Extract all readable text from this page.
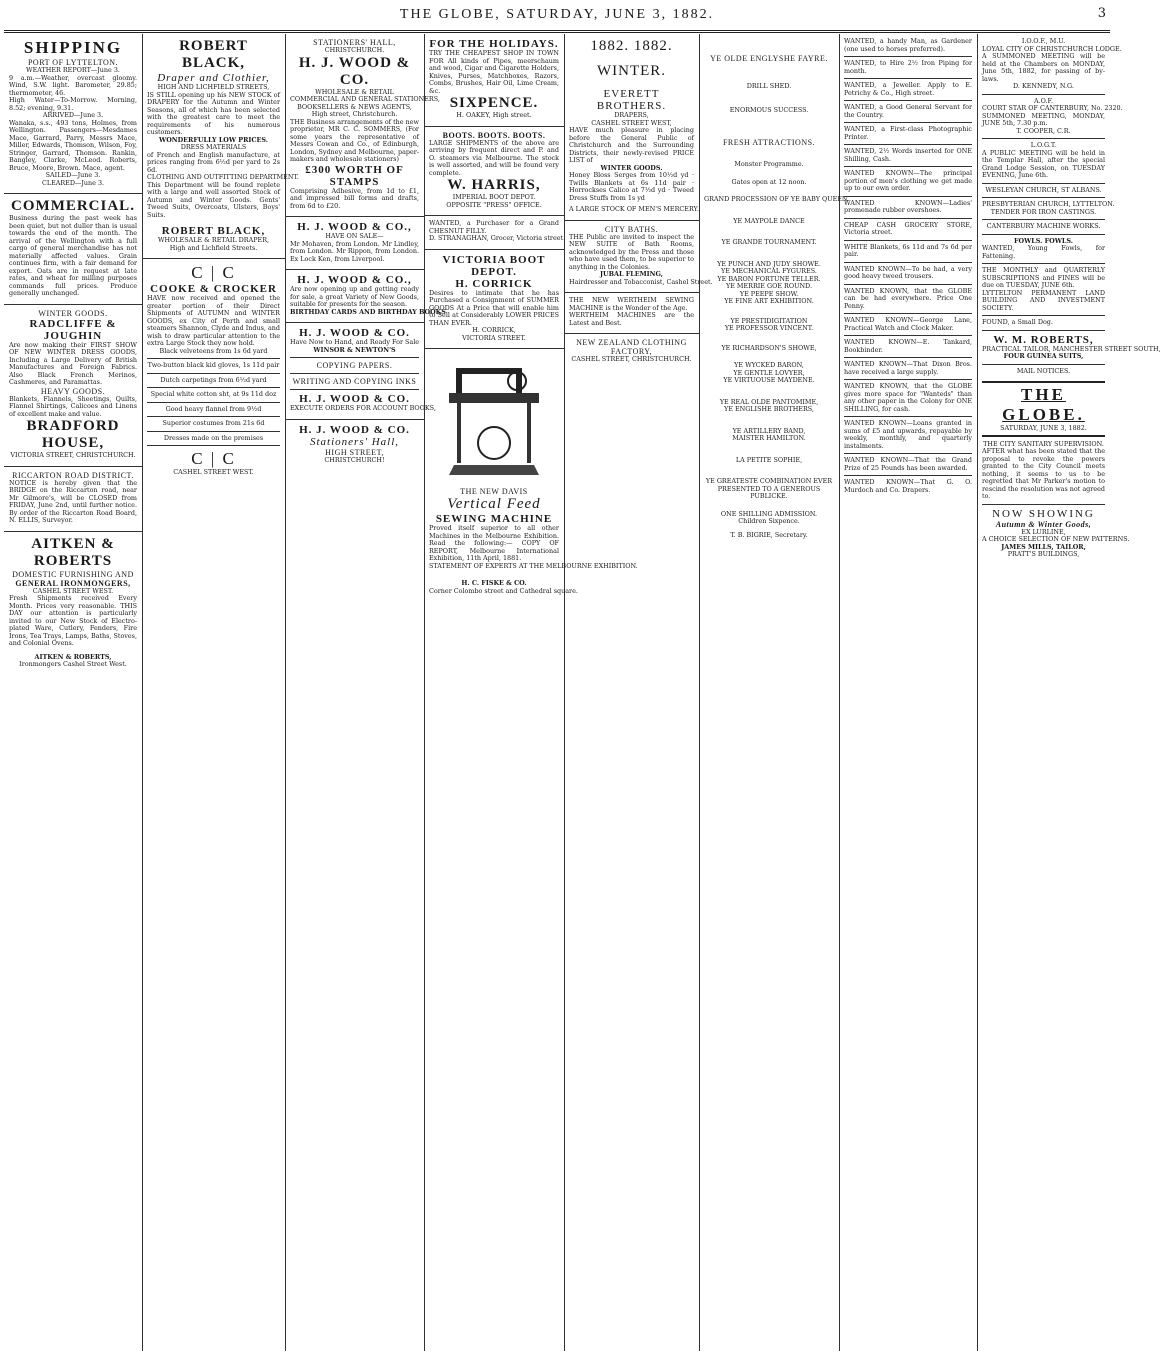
THE GLOBE, SATURDAY, JUNE 3, 1882.	3
SHIPPING
PORT OF LYTTELTON.
WEATHER REPORT—June 3.
9 a.m.—Weather, overcast gloomy. Wind, S.W. light. Barometer, 29.85; thermometer, 46.
High Water—To-Morrow. Morning, 8.52; evening, 9.31.
ARRIVED—June 3.
Wanaka, s.s., 493 tons, Holmes, from Wellington. Passengers—Mesdames Mace, Garrard, Parry, Messrs Mace, Miller, Edwards, Thomson, Wilson, Foy, Stringer, Garrard, Thomson. Rankin, Bangley, Clarke, McLeod. Roberts, Bruce, Moore, Brown. Mace, agent.
SAILED—June 3.
CLEARED—June 3.
COMMERCIAL.
Business during the past week has been quiet, but not duller than is usual towards the end of the month. The arrival of the Wellington with a full cargo of general merchandise has not materially affected values. Grain continues firm, with a fair demand for export. Oats are in request at late rates, and wheat for milling purposes commands full prices. Produce generally unchanged.
WINTER GOODS.
RADCLIFFE & JOUGHIN
Are now making their FIRST SHOW OF NEW WINTER DRESS GOODS, Including a Large Delivery of British Manufactures and Foreign Fabrics. Also Black French Merinos, Cashmeres, and Paramattas.
HEAVY GOODS.
Blankets, Flannels, Sheetings, Quilts, Flannel Shirtings, Calicoes and Linens of excellent make and value.
BRADFORD HOUSE,
VICTORIA STREET, CHRISTCHURCH.
RICCARTON ROAD DISTRICT.
NOTICE is hereby given that the BRIDGE on the Riccarton road, near Mr Gilmore's, will be CLOSED from FRIDAY, June 2nd, until further notice. By order of the Riccarton Road Board, N. ELLIS, Surveyor.
AITKEN & ROBERTS
DOMESTIC FURNISHING AND
GENERAL IRONMONGERS,
CASHEL STREET WEST.
Fresh Shipments received Every Month. Prices very reasonable. THIS DAY our attention is particularly invited to our New Stock of Electro-plated Ware, Cutlery, Fenders, Fire Irons, Tea Trays, Lamps, Baths, Stoves, and Colonial Ovens.
AITKEN & ROBERTS,
Ironmongers Cashel Street West.
ROBERT BLACK,
Draper and Clothier,
HIGH AND LICHFIELD STREETS,
IS STILL opening up his NEW STOCK of DRAPERY for the Autumn and Winter Seasons, all of which has been selected with the greatest care to meet the requirements of his numerous customers.
WONDERFULLY LOW PRICES.
DRESS MATERIALS
of French and English manufacture, at prices ranging from 6½d per yard to 2s 6d.
CLOTHING AND OUTFITTING DEPARTMENT.
This Department will be found replete with a large and well assorted Stock of Autumn and Winter Goods. Gents' Tweed Suits, Overcoats, Ulsters, Boys' Suits.
ROBERT BLACK,
WHOLESALE & RETAIL DRAPER,
High and Lichfield Streets.
C | C
COOKE & CROCKER
HAVE now received and opened the greater portion of their Direct Shipments of AUTUMN and WINTER GOODS, ex City of Perth and small steamers Shannon, Clyde and Indus, and wish to draw particular attention to the extra Large Stock they now hold.
Black velveteens from 1s 6d yard
Two-button black kid gloves, 1s 11d pair
Dutch carpetings from 6½d yard
Special white cotton sht, at 9s 11d doz
Good heavy flannel from 9½d
Superior costumes from 21s 6d
Dresses made on the premises
C | C
CASHEL STREET WEST.
STATIONERS' HALL,
CHRISTCHURCH.
H. J. WOOD & CO.
WHOLESALE & RETAIL
COMMERCIAL AND GENERAL STATIONERS,
BOOKSELLERS & NEWS AGENTS,
High street, Christchurch.
THE Business arrangements of the new proprietor, MR C. C. SOMMERS, (For some years the representative of Messrs Cowan and Co., of Edinburgh, London, Sydney and Melbourne, paper-makers and wholesale stationers)
£300 WORTH OF STAMPS
Comprising Adhesive, from 1d to £1, and impressed bill forms and drafts, from 6d to £20.
H. J. WOOD & CO.,
HAVE ON SALE—
Mr Mohaven, from London. Mr Lindley, from London. Mr Rippon, from London. Ex Lock Ken, from Liverpool.
H. J. WOOD & CO.,
Are now opening up and getting ready for sale, a great Variety of New Goods, suitable for presents for the season.
BIRTHDAY CARDS AND BIRTHDAY BOOKS
H. J. WOOD & CO.
Have Now to Hand, and Ready For Sale
WINSOR & NEWTON'S
COPYING PAPERS.
WRITING AND COPYING INKS
H. J. WOOD & CO.
EXECUTE ORDERS FOR ACCOUNT BOOKS,
H. J. WOOD & CO.
Stationers' Hall,
HIGH STREET,
CHRISTCHURCH!
FOR THE HOLIDAYS.
TRY THE CHEAPEST SHOP IN TOWN FOR All kinds of Pipes, meerschaum and wood, Cigar and Cigarette Holders, Knives, Purses, Matchboxes, Razors, Combs, Brushes, Hair Oil, Lime Cream, &c.
SIXPENCE.
H. OAKEY, High street.
BOOTS. BOOTS. BOOTS.
LARGE SHIPMENTS of the above are arriving by frequent direct and P. and O. steamers via Melbourne. The stock is well assorted, and will be found very complete.
W. HARRIS,
IMPERIAL BOOT DEPOT.
OPPOSITE "PRESS" OFFICE.
WANTED, a Purchaser for a Grand CHESNUT FILLY.
D. STRANAGHAN, Grocer, Victoria street.
VICTORIA BOOT DEPOT.
H. CORRICK
Desires to intimate that he has Purchased a Consignment of SUMMER GOODS At a Price that will enable him to Sell at Considerably LOWER PRICES THAN EVER.
H. CORRICK,
VICTORIA STREET.
THE NEW DAVIS
Vertical Feed
SEWING MACHINE
Proved itself superior to all other Machines in the Melbourne Exhibition. Read the following:— COPY OF REPORT, Melbourne International Exhibition, 11th April, 1881.
STATEMENT OF EXPERTS AT THE MELBOURNE EXHIBITION.
H. C. FISKE & CO.
Corner Colombo street and Cathedral square.
1882. 1882.
WINTER.
EVERETT BROTHERS.
DRAPERS,
CASHEL STREET WEST,
HAVE much pleasure in placing before the General Public of Christchurch and the Surrounding Districts, their newly-revised PRICE LIST of
WINTER GOODS.
Honey Bloss Serges from 10½d yd · Twills Blankets at 6s 11d pair · Horrockses Calico at 7½d yd · Tweed Dress Stuffs from 1s yd
A LARGE STOCK OF MEN'S MERCERY.
CITY BATHS.
THE Public are invited to inspect the NEW SUITE of Bath Rooms, acknowledged by the Press and those who have used them, to be superior to anything in the Colonies.
JUBAL FLEMING,
Hairdresser and Tobacconist, Cashel Street.
THE NEW WERTHEIM SEWING MACHINE is the Wonder of the Age.
WERTHEIM MACHINES are the Latest and Best.
NEW ZEALAND CLOTHING FACTORY,
CASHEL STREET, CHRISTCHURCH.
YE OLDE ENGLYSHE FAYRE.
DRILL SHED.
ENORMOUS SUCCESS.
FRESH ATTRACTIONS.
Monster Programme.
Gates open at 12 noon.
GRAND PROCESSION OF YE BABY QUEEN.
YE MAYPOLE DANCE
YE GRANDE TOURNAMENT.
YE PUNCH AND JUDY SHOWE.
YE MECHANICAL FYGURES.
YE BARON FORTUNE TELLER.
YE MERRIE GOE ROUND.
YE PEEPE SHOW.
YE FINE ART EXHIBITION.
YE PRESTIDIGITATION
YE PROFESSOR VINCENT.
YE RICHARDSON'S SHOWE,
YE WYCKED BARON,
YE GENTLE LOVYER,
YE VIRTUOUSE MAYDENE.
YE REAL OLDE PANTOMIME,
YE ENGLISHE BROTHERS,
YE ARTILLERY BAND,
MAISTER HAMILTON.
LA PETITE SOPHIE,
YE GREATESTE COMBINATION EVER PRESENTED TO A GENEROUS PUBLICKE.
ONE SHILLING ADMISSION.
Children Sixpence.
T. B. BIGRIE, Secretary.
WANTED, a handy Man, as Gardener (one used to horses preferred).
WANTED, to Hire 2½ Iron Piping for month.
WANTED, a Jeweller. Apply to E. Petrichy & Co., High street.
WANTED, a Good General Servant for the Country.
WANTED, a First-class Photographic Printer.
WANTED, 2½ Words inserted for ONE Shilling, Cash.
WANTED KNOWN—The principal portion of men's clothing we get made up to our own order.
WANTED KNOWN—Ladies' promenade rubber overshoes.
CHEAP CASH GROCERY STORE, Victoria street.
WHITE Blankets, 6s 11d and 7s 6d per pair.
WANTED KNOWN—To be had, a very good heavy tweed trousers.
WANTED KNOWN, that the GLOBE can be had everywhere. Price One Penny.
WANTED KNOWN—George Lane, Practical Watch and Clock Maker.
WANTED KNOWN—E. Tankard, Bookbinder.
WANTED KNOWN—That Dixon Bros. have received a large supply.
WANTED KNOWN, that the GLOBE gives more space for "Wanteds" than any other paper in the Colony for ONE SHILLING, for cash.
WANTED KNOWN—Loans granted in sums of £5 and upwards, repayable by weekly, monthly, and quarterly instalments.
WANTED KNOWN—That the Grand Prize of 25 Pounds has been awarded.
WANTED KNOWN—That G. O. Murdoch and Co. Drapers.
I.O.O.F., M.U.
LOYAL CITY OF CHRISTCHURCH LODGE.
A SUMMONED MEETING will be held at the Chambers on MONDAY, June 5th, 1882, for passing of by-laws.
D. KENNEDY, N.G.
A.O.F.
COURT STAR OF CANTERBURY, No. 2320.
SUMMONED MEETING, MONDAY, JUNE 5th, 7.30 p.m.
T. COOPER, C.R.
L.O.G.T.
A PUBLIC MEETING will be held in the Templar Hall, after the special Grand Lodge Session, on TUESDAY EVENING, June 6th.
WESLEYAN CHURCH, ST ALBANS.
PRESBYTERIAN CHURCH, LYTTELTON.
TENDER FOR IRON CASTINGS.
CANTERBURY MACHINE WORKS.
FOWLS. FOWLS.
WANTED, Young Fowls, for Fattening.
THE MONTHLY and QUARTERLY SUBSCRIPTIONS and FINES will be due on TUESDAY, JUNE 6th.
LYTTELTON PERMANENT LAND BUILDING AND INVESTMENT SOCIETY.
FOUND, a Small Dog.
W. M. ROBERTS,
PRACTICAL TAILOR, MANCHESTER STREET SOUTH,
FOUR GUINEA SUITS,
MAIL NOTICES.
THE GLOBE.
SATURDAY, JUNE 3, 1882.
THE CITY SANITARY SUPERVISION.
AFTER what has been stated that the proposal to revoke the powers granted to the City Council meets nothing, it seems to us to be regretted that Mr Parker's motion to rescind the resolution was not agreed to.
NOW SHOWING
Autumn & Winter Goods,
EX LURLINE,
A CHOICE SELECTION OF NEW PATTERNS.
JAMES MILLS, TAILOR,
PRATT'S BUILDINGS,
